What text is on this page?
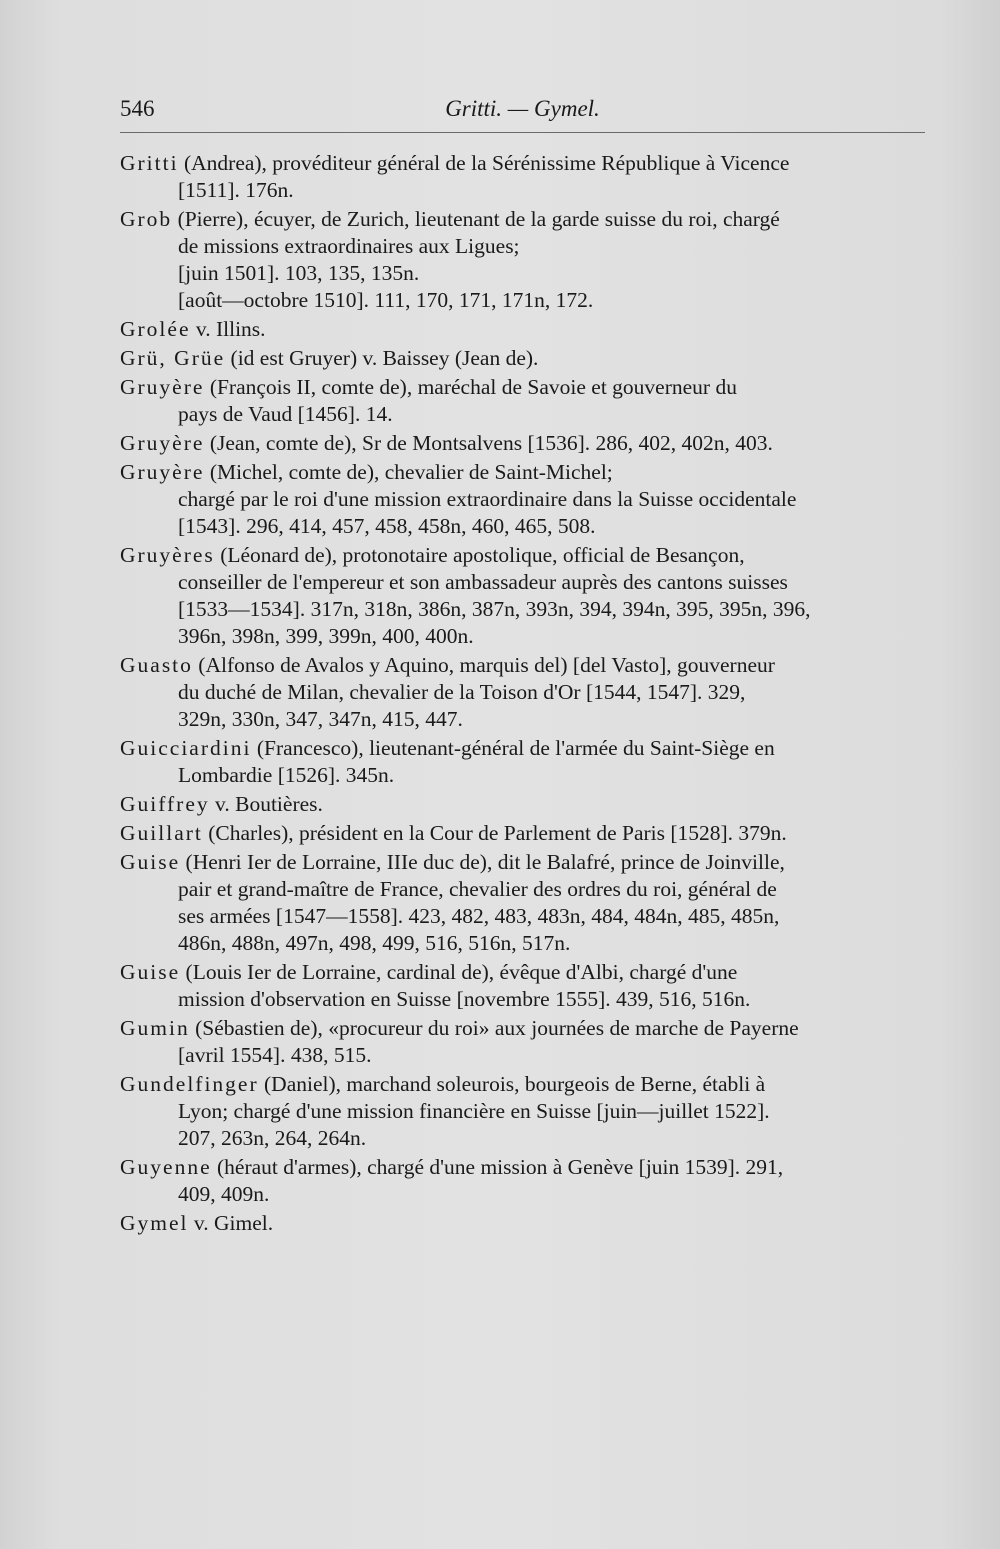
546	Gritti. — Gymel.
Gritti (Andrea), provéditeur général de la Sérénissime République à Vicence
[1511]. 176n.
Grob (Pierre), écuyer, de Zurich, lieutenant de la garde suisse du roi, chargé
de missions extraordinaires aux Ligues;
[juin 1501]. 103, 135, 135n.
[août—octobre 1510]. 111, 170, 171, 171n, 172.
Grolée v. Illins.
Grü, Grüe (id est Gruyer) v. Baissey (Jean de).
Gruyère (François II, comte de), maréchal de Savoie et gouverneur du
pays de Vaud [1456]. 14.
Gruyère (Jean, comte de), Sr de Montsalvens [1536]. 286, 402, 402n, 403.
Gruyère (Michel, comte de), chevalier de Saint-Michel;
chargé par le roi d'une mission extraordinaire dans la Suisse occidentale
[1543]. 296, 414, 457, 458, 458n, 460, 465, 508.
Gruyères (Léonard de), protonotaire apostolique, official de Besançon,
conseiller de l'empereur et son ambassadeur auprès des cantons suisses
[1533—1534]. 317n, 318n, 386n, 387n, 393n, 394, 394n, 395, 395n, 396,
396n, 398n, 399, 399n, 400, 400n.
Guasto (Alfonso de Avalos y Aquino, marquis del) [del Vasto], gouverneur
du duché de Milan, chevalier de la Toison d'Or [1544, 1547]. 329,
329n, 330n, 347, 347n, 415, 447.
Guicciardini (Francesco), lieutenant-général de l'armée du Saint-Siège en
Lombardie [1526]. 345n.
Guiffrey v. Boutières.
Guillart (Charles), président en la Cour de Parlement de Paris [1528]. 379n.
Guise (Henri Ier de Lorraine, IIIe duc de), dit le Balafré, prince de Joinville,
pair et grand-maître de France, chevalier des ordres du roi, général de
ses armées [1547—1558]. 423, 482, 483, 483n, 484, 484n, 485, 485n,
486n, 488n, 497n, 498, 499, 516, 516n, 517n.
Guise (Louis Ier de Lorraine, cardinal de), évêque d'Albi, chargé d'une
mission d'observation en Suisse [novembre 1555]. 439, 516, 516n.
Gumin (Sébastien de), «procureur du roi» aux journées de marche de Payerne
[avril 1554]. 438, 515.
Gundelfinger (Daniel), marchand soleurois, bourgeois de Berne, établi à
Lyon; chargé d'une mission financière en Suisse [juin—juillet 1522].
207, 263n, 264, 264n.
Guyenne (héraut d'armes), chargé d'une mission à Genève [juin 1539]. 291,
409, 409n.
Gymel v. Gimel.
